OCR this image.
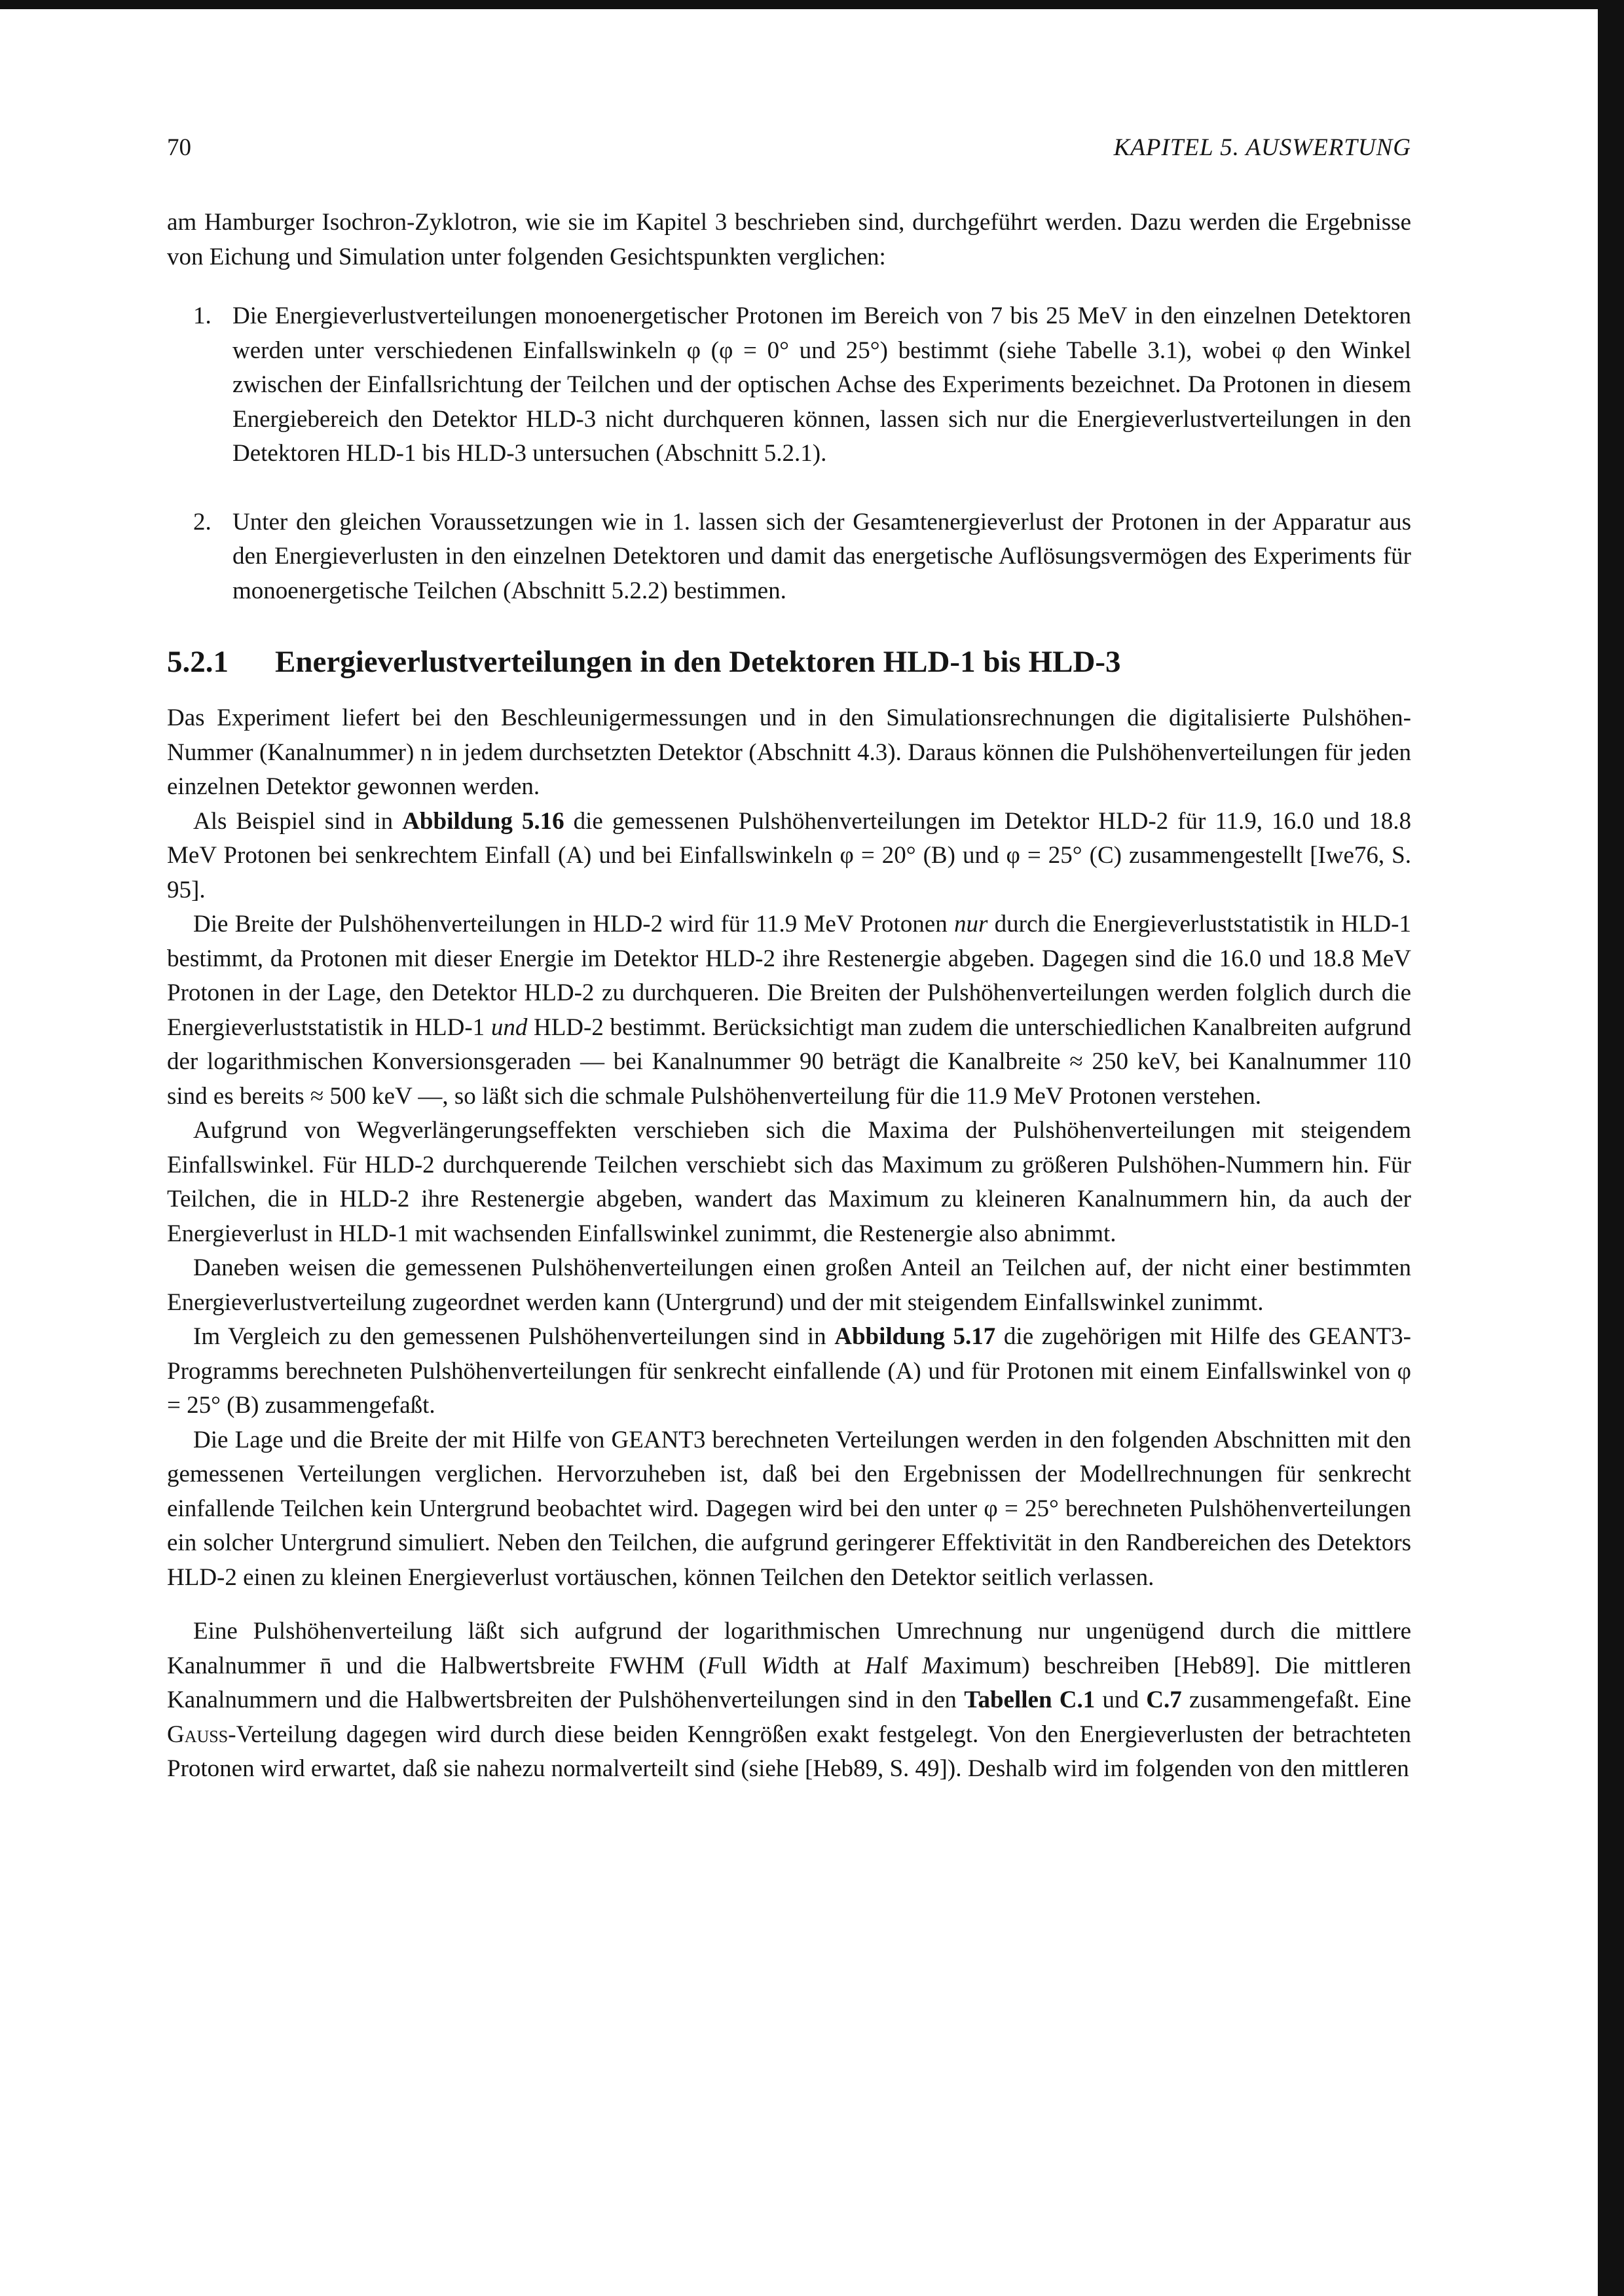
70	KAPITEL 5. AUSWERTUNG

am Hamburger Isochron-Zyklotron, wie sie im Kapitel 3 beschrieben sind, durchgeführt werden. Dazu werden die Ergebnisse von Eichung und Simulation unter folgenden Gesichtspunkten verglichen:

1. Die Energieverlustverteilungen monoenergetischer Protonen im Bereich von 7 bis 25 MeV in den einzelnen Detektoren werden unter verschiedenen Einfallswinkeln φ (φ = 0° und 25°) bestimmt (siehe Tabelle 3.1), wobei φ den Winkel zwischen der Einfallsrichtung der Teilchen und der optischen Achse des Experiments bezeichnet. Da Protonen in diesem Energiebereich den Detektor HLD-3 nicht durchqueren können, lassen sich nur die Energieverlustverteilungen in den Detektoren HLD-1 bis HLD-3 untersuchen (Abschnitt 5.2.1).
2. Unter den gleichen Voraussetzungen wie in 1. lassen sich der Gesamtenergieverlust der Protonen in der Apparatur aus den Energieverlusten in den einzelnen Detektoren und damit das energetische Auflösungsvermögen des Experiments für monoenergetische Teilchen (Abschnitt 5.2.2) bestimmen.
5.2.1 Energieverlustverteilungen in den Detektoren HLD-1 bis HLD-3

Das Experiment liefert bei den Beschleunigermessungen und in den Simulationsrechnungen die digitalisierte Pulshöhen-Nummer (Kanalnummer) n in jedem durchsetzten Detektor (Abschnitt 4.3). Daraus können die Pulshöhenverteilungen für jeden einzelnen Detektor gewonnen werden.

Als Beispiel sind in Abbildung 5.16 die gemessenen Pulshöhenverteilungen im Detektor HLD-2 für 11.9, 16.0 und 18.8 MeV Protonen bei senkrechtem Einfall (A) und bei Einfallswinkeln φ = 20° (B) und φ = 25° (C) zusammengestellt [Iwe76, S. 95].

Die Breite der Pulshöhenverteilungen in HLD-2 wird für 11.9 MeV Protonen nur durch die Energieverluststatistik in HLD-1 bestimmt, da Protonen mit dieser Energie im Detektor HLD-2 ihre Restenergie abgeben. Dagegen sind die 16.0 und 18.8 MeV Protonen in der Lage, den Detektor HLD-2 zu durchqueren. Die Breiten der Pulshöhenverteilungen werden folglich durch die Energieverluststatistik in HLD-1 und HLD-2 bestimmt. Berücksichtigt man zudem die unterschiedlichen Kanalbreiten aufgrund der logarithmischen Konversionsgeraden — bei Kanalnummer 90 beträgt die Kanalbreite ≈ 250 keV, bei Kanalnummer 110 sind es bereits ≈ 500 keV —, so läßt sich die schmale Pulshöhenverteilung für die 11.9 MeV Protonen verstehen.

Aufgrund von Wegverlängerungseffekten verschieben sich die Maxima der Pulshöhenverteilungen mit steigendem Einfallswinkel. Für HLD-2 durchquerende Teilchen verschiebt sich das Maximum zu größeren Pulshöhen-Nummern hin. Für Teilchen, die in HLD-2 ihre Restenergie abgeben, wandert das Maximum zu kleineren Kanalnummern hin, da auch der Energieverlust in HLD-1 mit wachsenden Einfallswinkel zunimmt, die Restenergie also abnimmt.

Daneben weisen die gemessenen Pulshöhenverteilungen einen großen Anteil an Teilchen auf, der nicht einer bestimmten Energieverlustverteilung zugeordnet werden kann (Untergrund) und der mit steigendem Einfallswinkel zunimmt.

Im Vergleich zu den gemessenen Pulshöhenverteilungen sind in Abbildung 5.17 die zugehörigen mit Hilfe des GEANT3-Programms berechneten Pulshöhenverteilungen für senkrecht einfallende (A) und für Protonen mit einem Einfallswinkel von φ = 25° (B) zusammengefaßt.

Die Lage und die Breite der mit Hilfe von GEANT3 berechneten Verteilungen werden in den folgenden Abschnitten mit den gemessenen Verteilungen verglichen. Hervorzuheben ist, daß bei den Ergebnissen der Modellrechnungen für senkrecht einfallende Teilchen kein Untergrund beobachtet wird. Dagegen wird bei den unter φ = 25° berechneten Pulshöhenverteilungen ein solcher Untergrund simuliert. Neben den Teilchen, die aufgrund geringerer Effektivität in den Randbereichen des Detektors HLD-2 einen zu kleinen Energieverlust vortäuschen, können Teilchen den Detektor seitlich verlassen.

Eine Pulshöhenverteilung läßt sich aufgrund der logarithmischen Umrechnung nur ungenügend durch die mittlere Kanalnummer n̄ und die Halbwertsbreite FWHM (Full Width at Half Maximum) beschreiben [Heb89]. Die mittleren Kanalnummern und die Halbwertsbreiten der Pulshöhenverteilungen sind in den Tabellen C.1 und C.7 zusammengefaßt. Eine Gauss-Verteilung dagegen wird durch diese beiden Kenngrößen exakt festgelegt. Von den Energieverlusten der betrachteten Protonen wird erwartet, daß sie nahezu normalverteilt sind (siehe [Heb89, S. 49]). Deshalb wird im folgenden von den mittleren
